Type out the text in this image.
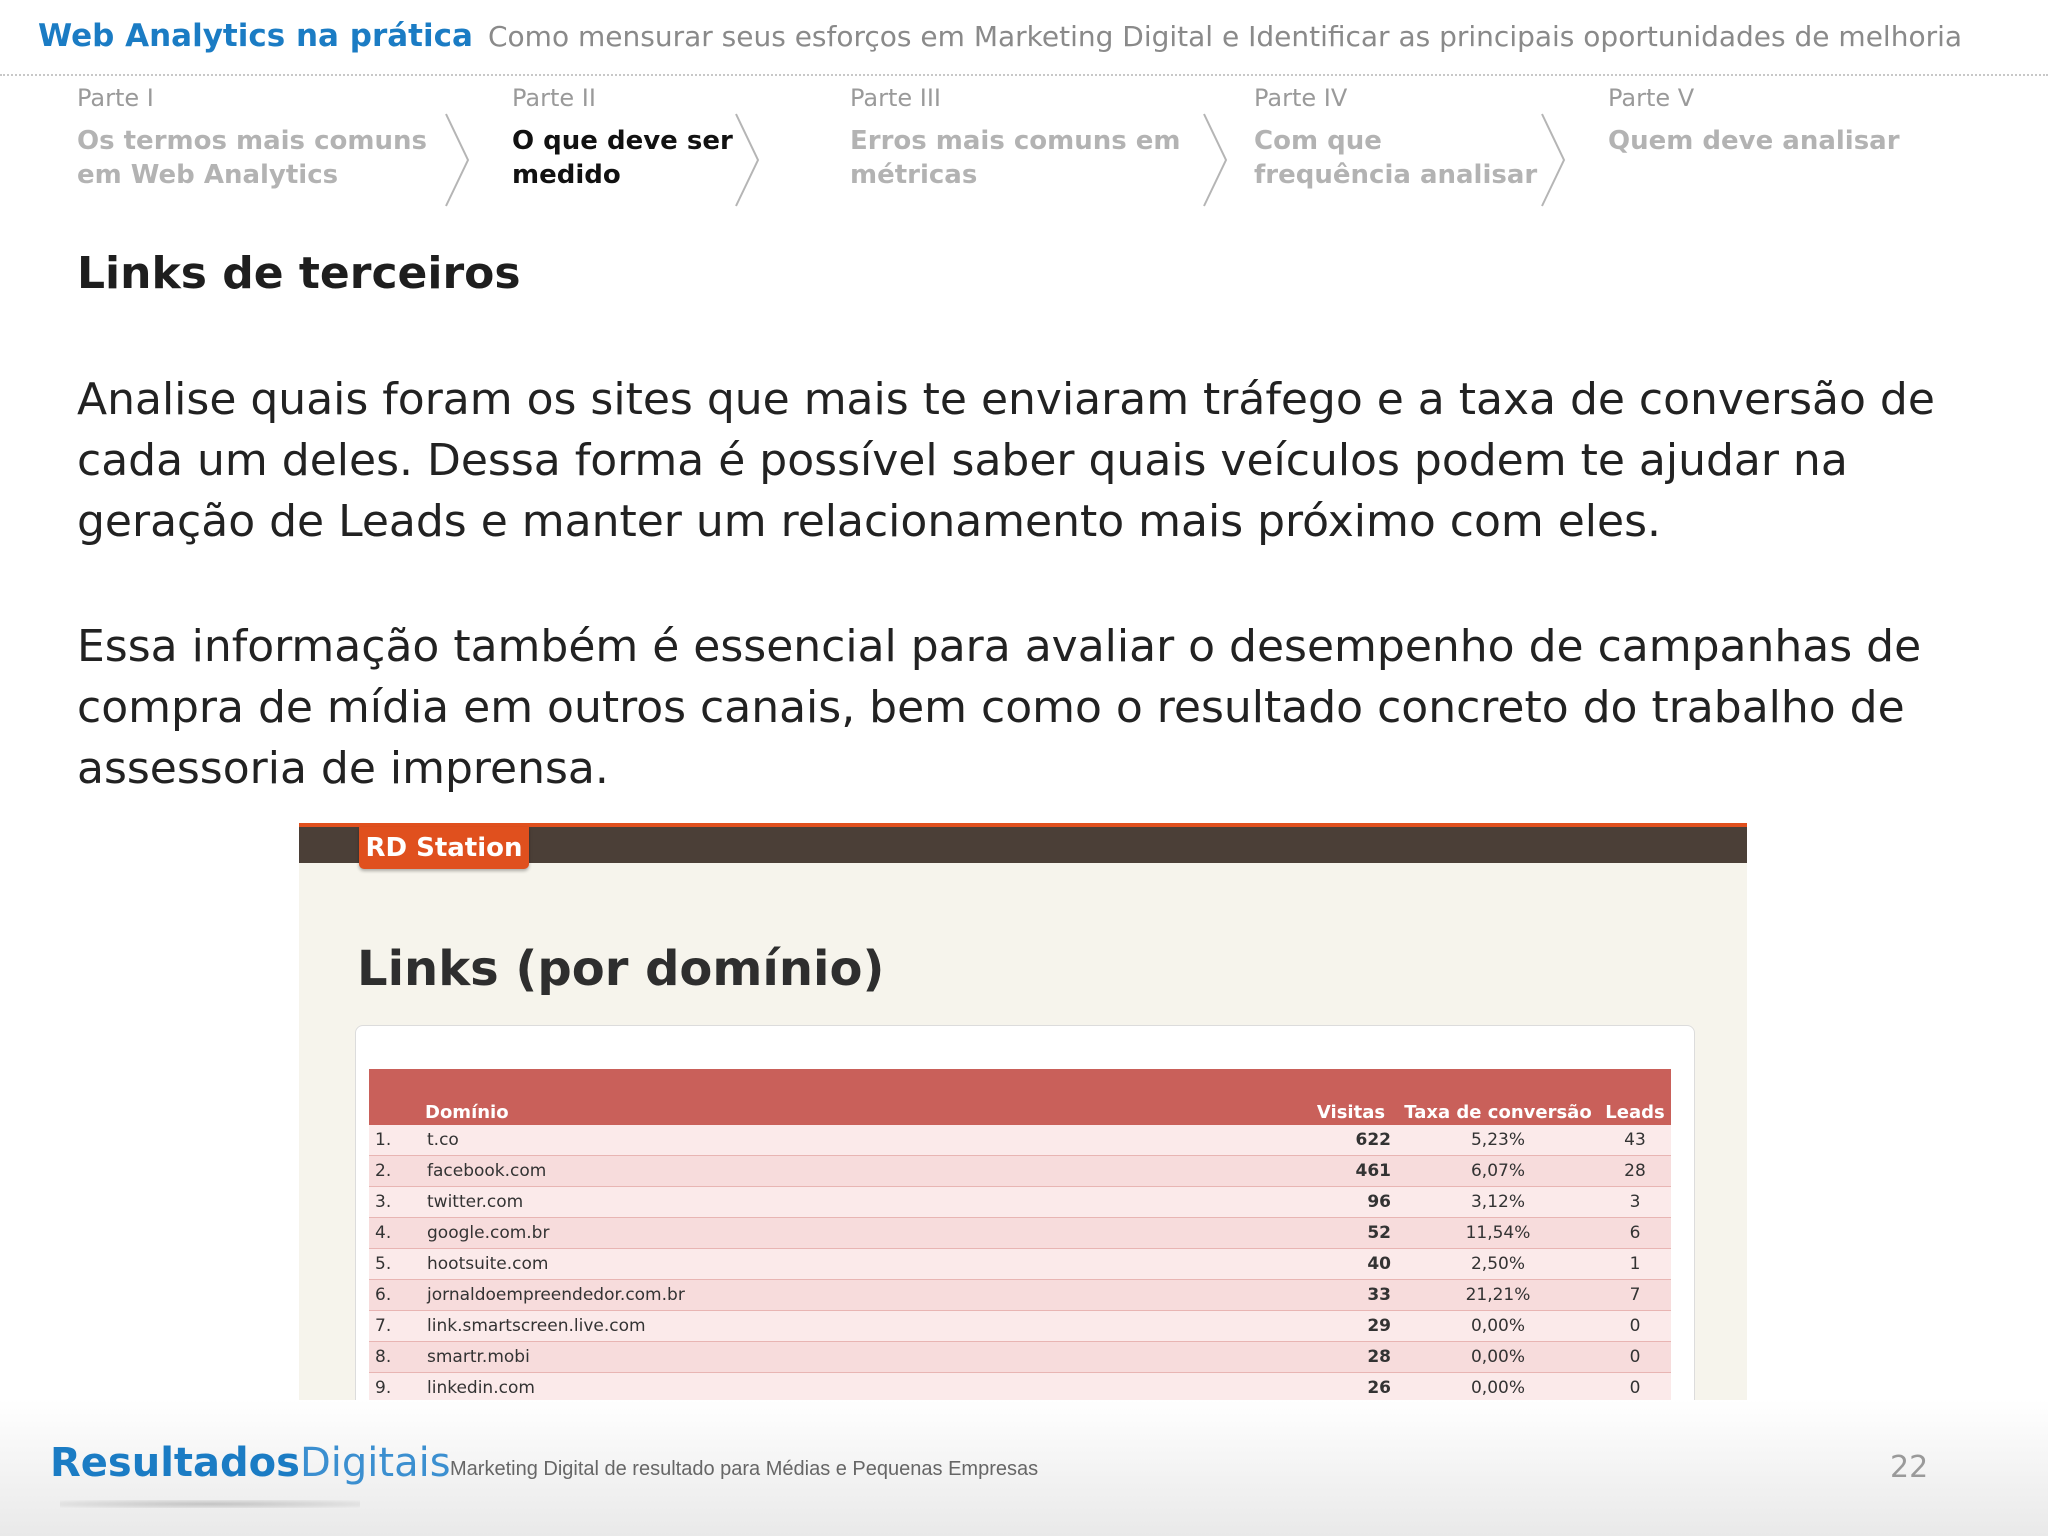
Web Analytics na prática Como mensurar seus esforços em Marketing Digital e Identificar as principais oportunidades de melhoria
Parte I
Os termos mais comuns em Web Analytics
Parte II
O que deve ser medido
Parte III
Erros mais comuns em métricas
Parte IV
Com que frequência analisar
Parte V
Quem deve analisar
Links de terceiros

Analise quais foram os sites que mais te enviaram tráfego e a taxa de conversão de cada um deles. Dessa forma é possível saber quais veículos podem te ajudar na geração de Leads e manter um relacionamento mais próximo com eles.

Essa informação também é essencial para avaliar o desempenho de campanhas de compra de mídia em outros canais, bem como o resultado concreto do trabalho de assessoria de imprensa.

RD Station
Links (por domínio)
Domínio		Visitas	Taxa de conversão	Leads
1.	t.co	622	5,23%	43
2.	facebook.com	461	6,07%	28
3.	twitter.com	96	3,12%	3
4.	google.com.br	52	11,54%	6
5.	hootsuite.com	40	2,50%	1
6.	jornaldoempreendedor.com.br	33	21,21%	7
7.	link.smartscreen.live.com	29	0,00%	0
8.	smartr.mobi	28	0,00%	0
9.	linkedin.com	26	0,00%	0
ResultadosDigitais Marketing Digital de resultado para Médias e Pequenas Empresas	22
